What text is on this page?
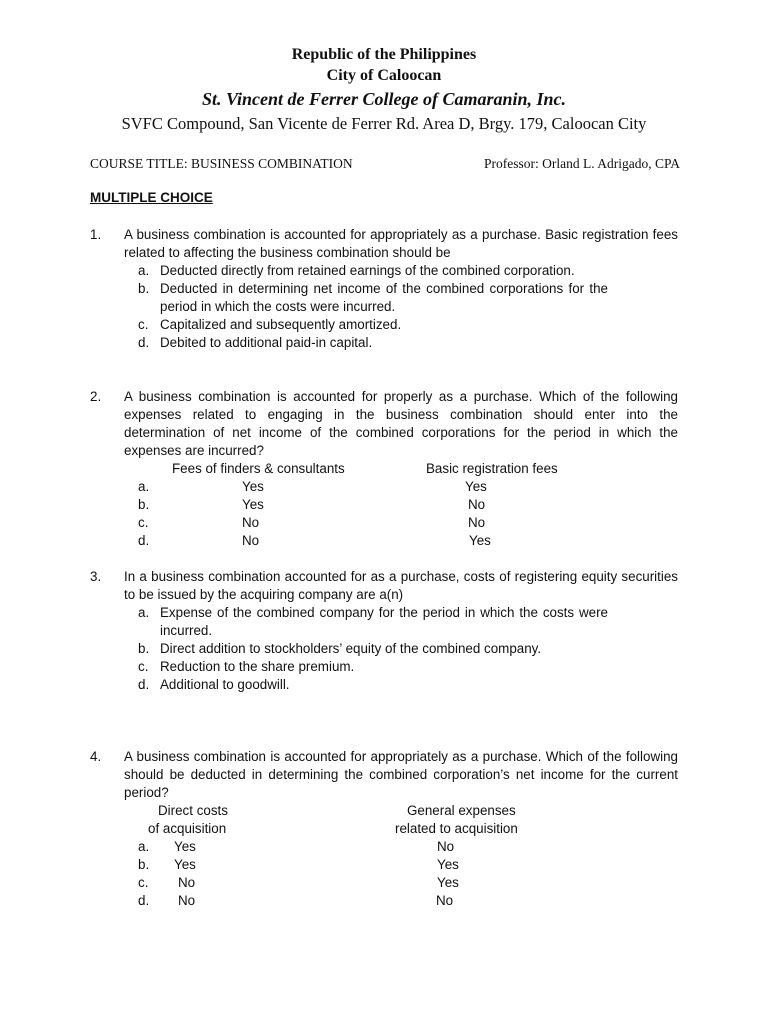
Republic of the Philippines
City of Caloocan
St. Vincent de Ferrer College of Camaranin, Inc.
SVFC Compound, San Vicente de Ferrer Rd. Area D, Brgy. 179, Caloocan City
COURSE TITLE: BUSINESS COMBINATION	Professor: Orland L. Adrigado, CPA
MULTIPLE CHOICE
1. A business combination is accounted for appropriately as a purchase. Basic registration fees related to affecting the business combination should be
a. Deducted directly from retained earnings of the combined corporation.
b. Deducted in determining net income of the combined corporations for the period in which the costs were incurred.
c. Capitalized and subsequently amortized.
d. Debited to additional paid-in capital.
2. A business combination is accounted for properly as a purchase. Which of the following expenses related to engaging in the business combination should enter into the determination of net income of the combined corporations for the period in which the expenses are incurred?
Fees of finders & consultants	Basic registration fees
a.	Yes	Yes
b.	Yes	No
c.	No	No
d.	No	Yes
3. In a business combination accounted for as a purchase, costs of registering equity securities to be issued by the acquiring company are a(n)
a. Expense of the combined company for the period in which the costs were incurred.
b. Direct addition to stockholders’ equity of the combined company.
c. Reduction to the share premium.
d. Additional to goodwill.
4. A business combination is accounted for appropriately as a purchase. Which of the following should be deducted in determining the combined corporation’s net income for the current period?
Direct costs	General expenses
of acquisition	related to acquisition
a. Yes	No
b. Yes	Yes
c. No	Yes
d. No	No
